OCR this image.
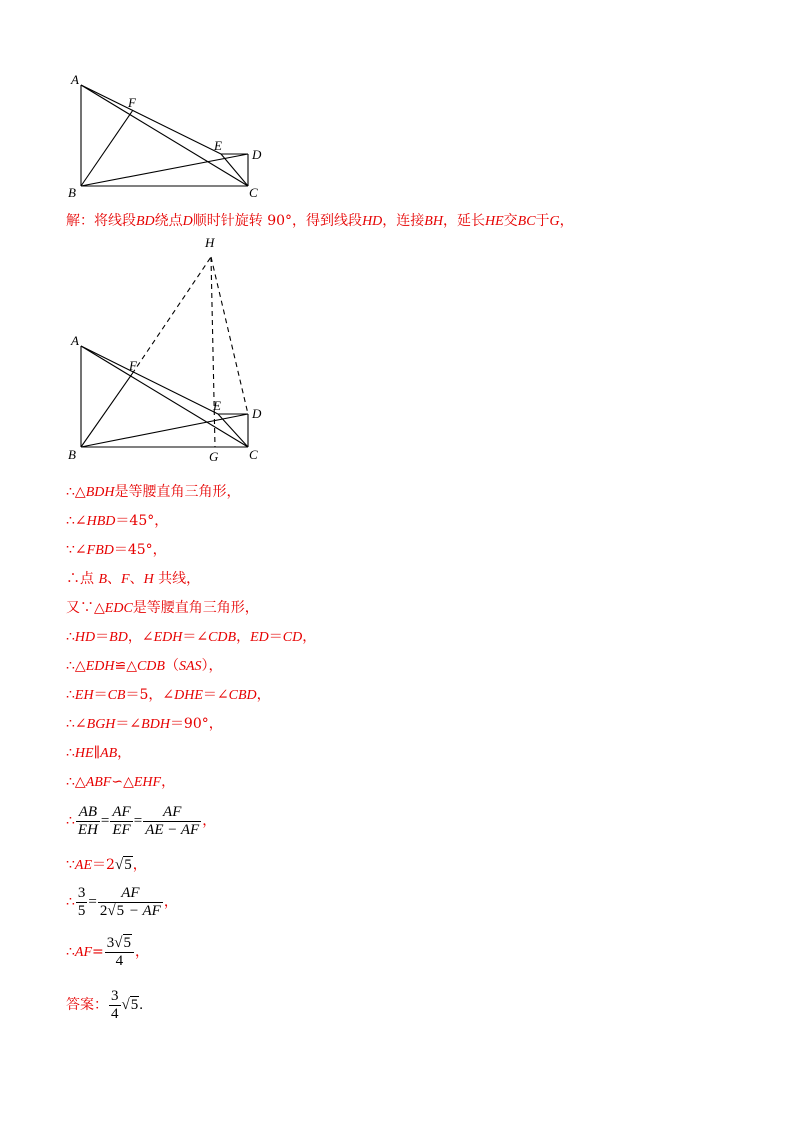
A
F
E
D
B	C
解：将线段BD绕点D顺时针旋转 90°，得到线段HD，连接BH，延长HE交BC于G，
H
A
F
E
D
B	G C
∴△BDH是等腰直角三角形，
∴∠HBD＝45°，
∵∠FBD＝45°，
∴点 B、F、H 共线，
又∵△EDC是等腰直角三角形，
∴HD＝BD，∠EDH＝∠CDB，ED＝CD，
∴△EDH≌△CDB（SAS），
∴EH＝CB＝5，∠DHE＝∠CBD，
∴∠BGH＝∠BDH＝90°，
∴HE∥AB，
∴△ABF∽△EHF，
∴ $\frac{AB}{EH} = \frac{AF}{EF} = \frac{AF}{AE - AF}$ ，
∵AE＝2√5，
∴ $\frac{3}{5} = \frac{AF}{2√5 - AF}$ ，
∴AF= $\frac{3√5}{4}$ ，
答案： $\frac{3}{4} √5$.
